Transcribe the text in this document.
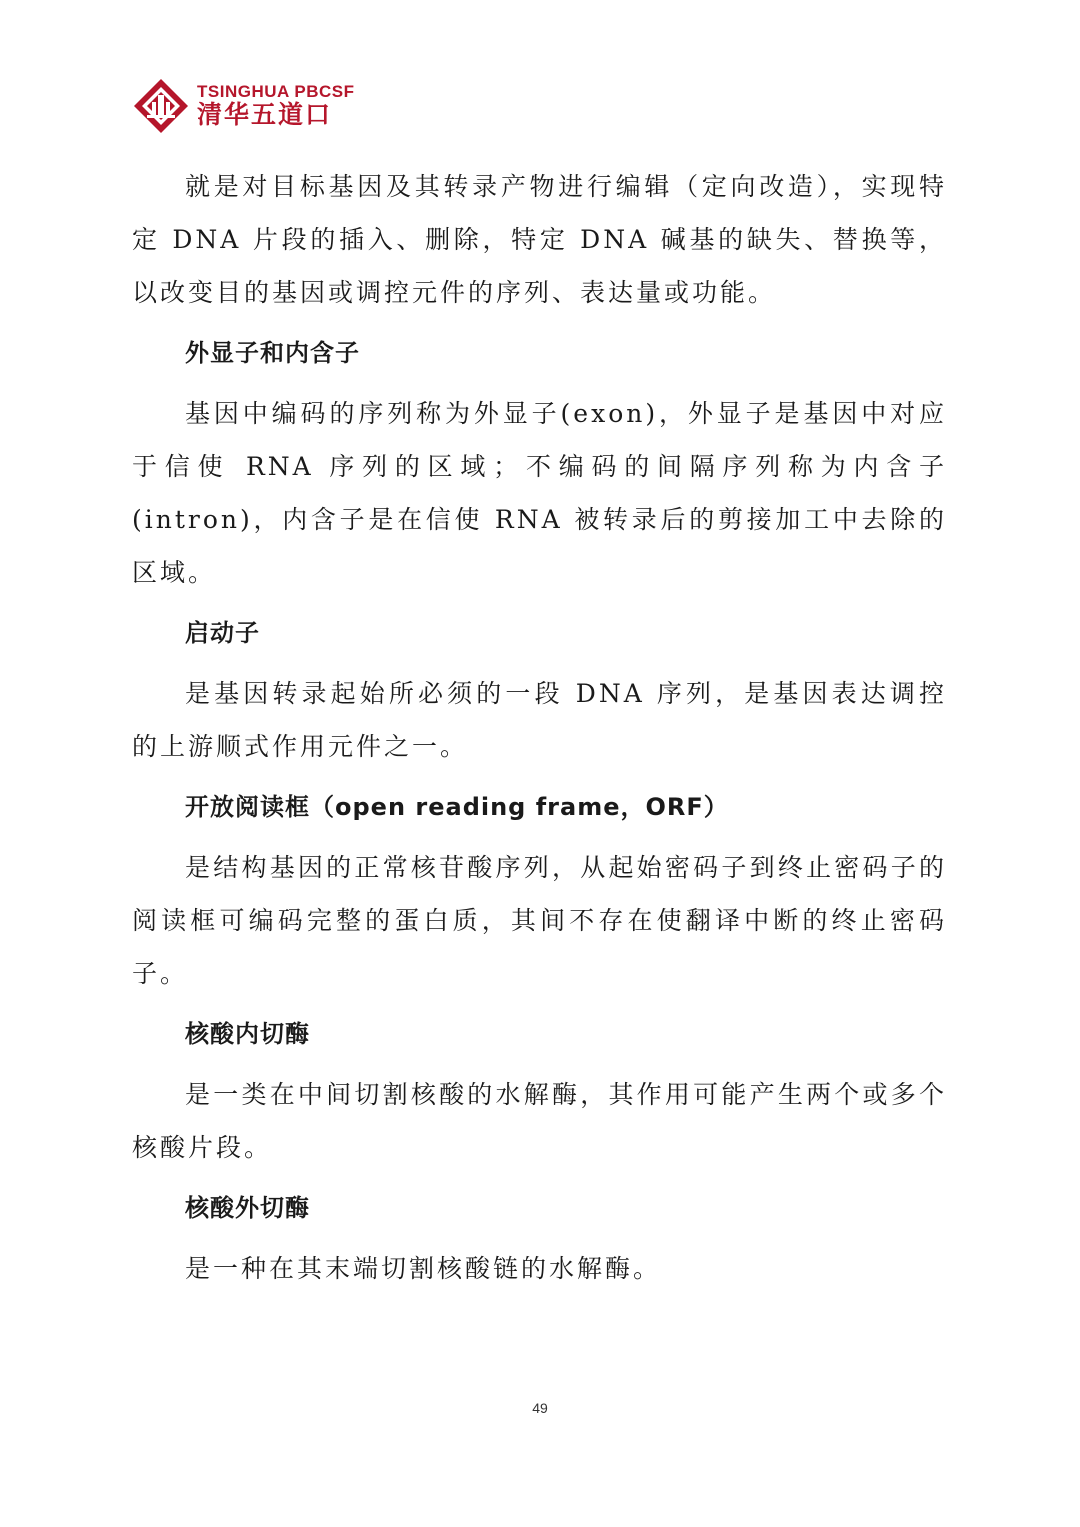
TSINGHUA PBCSF
清华五道口

就是对目标基因及其转录产物进行编辑（定向改造），实现特定 DNA 片段的插入、删除，特定 DNA 碱基的缺失、替换等，以改变目的基因或调控元件的序列、表达量或功能。

外显子和内含子

基因中编码的序列称为外显子(exon)，外显子是基因中对应于信使 RNA 序列的区域；不编码的间隔序列称为内含子(intron)，内含子是在信使 RNA 被转录后的剪接加工中去除的区域。

启动子

是基因转录起始所必须的一段 DNA 序列，是基因表达调控的上游顺式作用元件之一。

开放阅读框（open reading frame，ORF）

是结构基因的正常核苷酸序列，从起始密码子到终止密码子的阅读框可编码完整的蛋白质，其间不存在使翻译中断的终止密码子。

核酸内切酶

是一类在中间切割核酸的水解酶，其作用可能产生两个或多个核酸片段。

核酸外切酶

是一种在其末端切割核酸链的水解酶。

49
